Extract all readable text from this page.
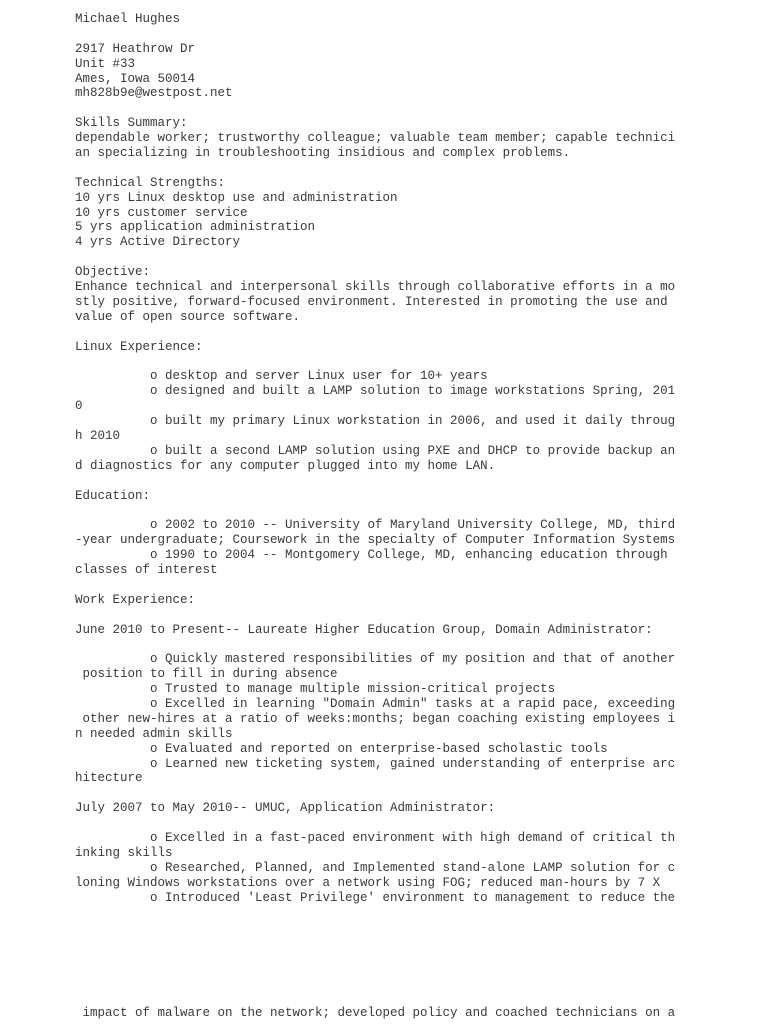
Michael Hughes
2917 Heathrow Dr
Unit #33
Ames, Iowa 50014
mh828b9e@westpost.net
Skills Summary:
dependable worker; trustworthy colleague; valuable team member; capable technici
an specializing in troubleshooting insidious and complex problems.
Technical Strengths:
10 yrs Linux desktop use and administration
10 yrs customer service
5 yrs application administration
4 yrs Active Directory
Objective:
Enhance technical and interpersonal skills through collaborative efforts in a mo
stly positive, forward-focused environment. Interested in promoting the use and
value of open source software.
Linux Experience:
o desktop and server Linux user for 10+ years
o designed and built a LAMP solution to image workstations Spring, 201
0
o built my primary Linux workstation in 2006, and used it daily throug
h 2010
o built a second LAMP solution using PXE and DHCP to provide backup an
d diagnostics for any computer plugged into my home LAN.
Education:
o 2002 to 2010 -- University of Maryland University College, MD, third
-year undergraduate; Coursework in the specialty of Computer Information Systems
o 1990 to 2004 -- Montgomery College, MD, enhancing education through
classes of interest
Work Experience:
June 2010 to Present-- Laureate Higher Education Group, Domain Administrator:
o Quickly mastered responsibilities of my position and that of another
position to fill in during absence
o Trusted to manage multiple mission-critical projects
o Excelled in learning "Domain Admin" tasks at a rapid pace, exceeding
other new-hires at a ratio of weeks:months; began coaching existing employees i
n needed admin skills
o Evaluated and reported on enterprise-based scholastic tools
o Learned new ticketing system, gained understanding of enterprise arc
hitecture
July 2007 to May 2010-- UMUC, Application Administrator:
o Excelled in a fast-paced environment with high demand of critical th
inking skills
o Researched, Planned, and Implemented stand-alone LAMP solution for c
loning Windows workstations over a network using FOG; reduced man-hours by 7 X
o Introduced 'Least Privilege' environment to management to reduce the
impact of malware on the network; developed policy and coached technicians on a
